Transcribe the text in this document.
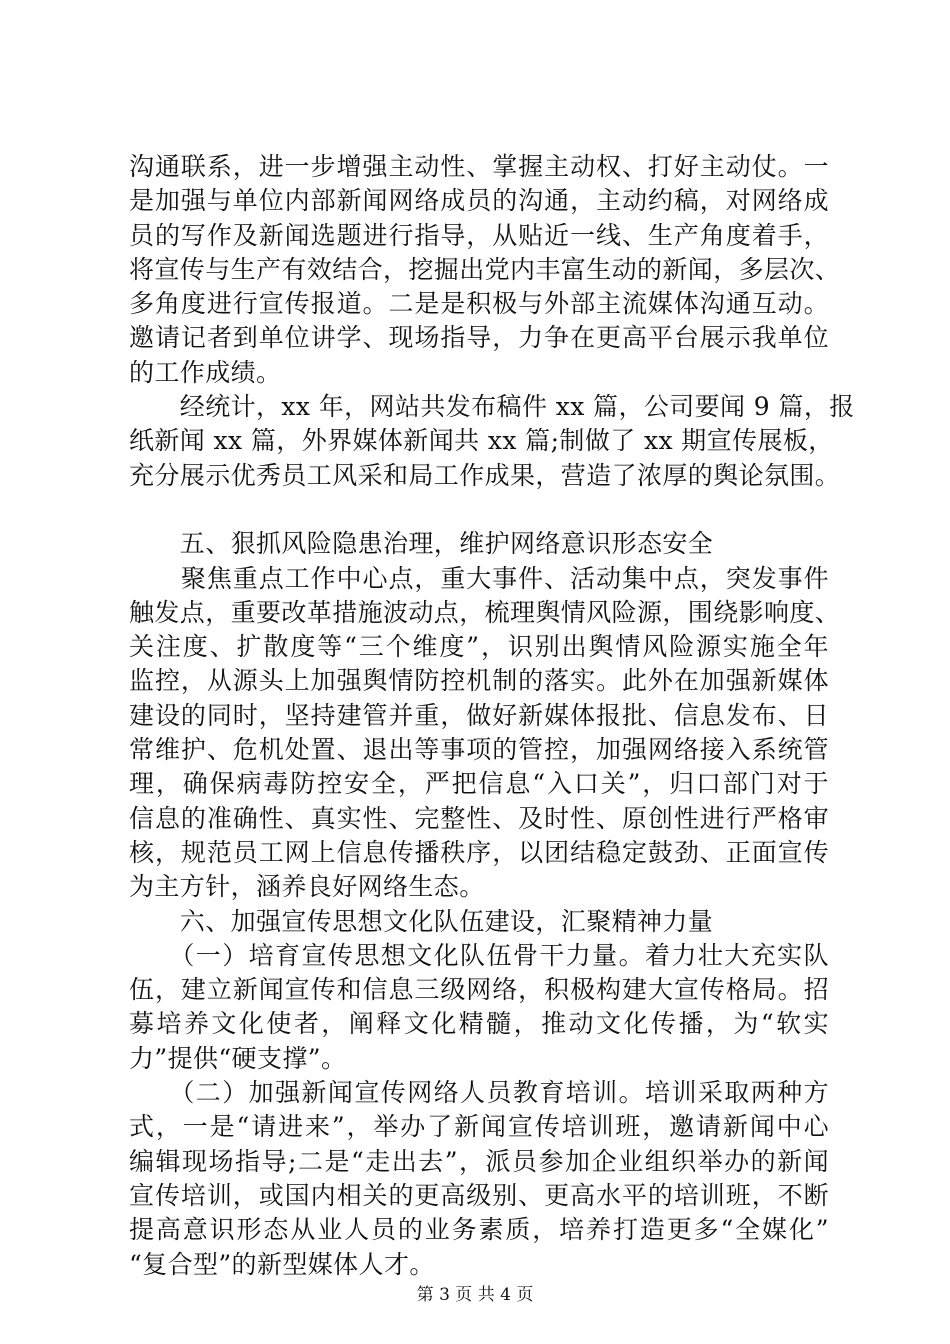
沟通联系，进一步增强主动性、掌握主动权、打好主动仗。一
是加强与单位内部新闻网络成员的沟通，主动约稿，对网络成
员的写作及新闻选题进行指导，从贴近一线、生产角度着手，
将宣传与生产有效结合，挖掘出党内丰富生动的新闻，多层次、
多角度进行宣传报道。二是是积极与外部主流媒体沟通互动。
邀请记者到单位讲学、现场指导，力争在更高平台展示我单位
的工作成绩。
　　经统计，xx 年，网站共发布稿件 xx 篇，公司要闻 9 篇，报
纸新闻 xx 篇，外界媒体新闻共 xx 篇;制做了 xx 期宣传展板，
充分展示优秀员工风采和局工作成果，营造了浓厚的舆论氛围。
　　五、狠抓风险隐患治理，维护网络意识形态安全
　　聚焦重点工作中心点，重大事件、活动集中点，突发事件
触发点，重要改革措施波动点，梳理舆情风险源，围绕影响度、
关注度、扩散度等“三个维度”，识别出舆情风险源实施全年
监控，从源头上加强舆情防控机制的落实。此外在加强新媒体
建设的同时，坚持建管并重，做好新媒体报批、信息发布、日
常维护、危机处置、退出等事项的管控，加强网络接入系统管
理，确保病毒防控安全，严把信息“入口关”，归口部门对于
信息的准确性、真实性、完整性、及时性、原创性进行严格审
核，规范员工网上信息传播秩序，以团结稳定鼓劲、正面宣传
为主方针，涵养良好网络生态。
　　六、加强宣传思想文化队伍建设，汇聚精神力量
　　（一）培育宣传思想文化队伍骨干力量。着力壮大充实队
伍，建立新闻宣传和信息三级网络，积极构建大宣传格局。招
募培养文化使者，阐释文化精髓，推动文化传播，为“软实
力”提供“硬支撑”。
　　（二）加强新闻宣传网络人员教育培训。培训采取两种方
式，一是“请进来”，举办了新闻宣传培训班，邀请新闻中心
编辑现场指导;二是“走出去”，派员参加企业组织举办的新闻
宣传培训，或国内相关的更高级别、更高水平的培训班，不断
提高意识形态从业人员的业务素质，培养打造更多“全媒化”
“复合型”的新型媒体人才。
第 3 页 共 4 页
